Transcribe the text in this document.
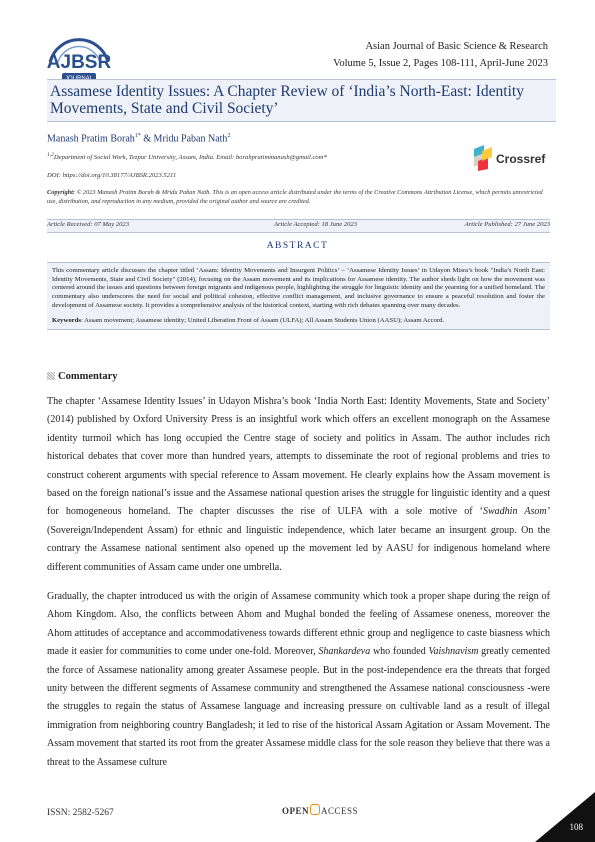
AJBSR
Asian Journal of Basic Science & Research
Volume 5, Issue 2, Pages 108-111, April-June 2023
Assamese Identity Issues: A Chapter Review of ‘India’s North-East: Identity Movements, State and Civil Society’
Manash Pratim Borah$^{1*}$ & Mridu Paban Nath$^2$
$^{1,2}$Department of Social Work, Tezpur University, Assam, India. Email: borahpratimmanash@gmail.com*
DOI: https://doi.org/10.38177/AJBSR.2023.5211
Copyright: © 2023 Manash Pratim Borah & Mridu Paban Nath. This is an open access article distributed under the terms of the Creative Commons Attribution License, which permits unrestricted use, distribution, and reproduction in any medium, provided the original author and source are credited.
Crossref
Article Received: 07 May 2023	Article Accepted: 18 June 2023	Article Published: 27 June 2023
ABSTRACT
This commentary article discusses the chapter titled ‘Assam: Identity Movements and Insurgent Politics’ – ‘Assamese Identity Issues’ in Udayon Misra’s book "India’s North East: Identity Movements, State and Civil Society" (2014), focusing on the Assam movement and its implications for Assamese identity. The author sheds light on how the movement was centered around the issues and questions between foreign migrants and indigenous people, highlighting the struggle for linguistic identity and the yearning for a unified homeland. The commentary also underscores the need for social and political cohesion, effective conflict management, and inclusive governance to ensure a peaceful resolution and foster the development of Assamese society. It provides a comprehensive analysis of the historical context, starting with rich debates spanning over many decades.
Keywords: Assam movement; Assamese identity; United Liberation Front of Assam (ULFA); All Assam Students Union (AASU); Assam Accord.
Commentary

The chapter ‘Assamese Identity Issues’ in Udayon Mishra’s book ‘India North East: Identity Movements, State and Society’ (2014) published by Oxford University Press is an insightful work which offers an excellent monograph on the Assamese identity turmoil which has long occupied the Centre stage of society and politics in Assam. The author includes rich historical debates that cover more than hundred years, attempts to disseminate the root of regional problems and tries to construct coherent arguments with special reference to Assam movement. He clearly explains how the Assam movement is based on the foreign national’s issue and the Assamese national question arises the struggle for linguistic identity and a quest for homogeneous homeland. The chapter discusses the rise of ULFA with a sole motive of ‘Swadhin Asom’ (Sovereign/Independent Assam) for ethnic and linguistic independence, which later became an insurgent group. On the contrary the Assamese national sentiment also opened up the movement led by AASU for indigenous homeland where different communities of Assam came under one umbrella.

Gradually, the chapter introduced us with the origin of Assamese community which took a proper shape during the reign of Ahom Kingdom. Also, the conflicts between Ahom and Mughal bonded the feeling of Assamese oneness, moreover the Ahom attitudes of acceptance and accommodativeness towards different ethnic group and negligence to caste biasness which made it easier for communities to come under one-fold. Moreover, Shankardeva who founded Vaishnavism greatly cemented the force of Assamese nationality among greater Assamese people. But in the post-independence era the threats that forged unity between the different segments of Assamese community and strengthened the Assamese national consciousness -were the struggles to regain the status of Assamese language and increasing pressure on cultivable land as a result of illegal immigration from neighboring country Bangladesh; it led to rise of the historical Assam Agitation or Assam Movement. The Assam movement that started its root from the greater Assamese middle class for the sole reason they believe that there was a threat to the Assamese culture

ISSN: 2582-5267	OPEN ACCESS
108
